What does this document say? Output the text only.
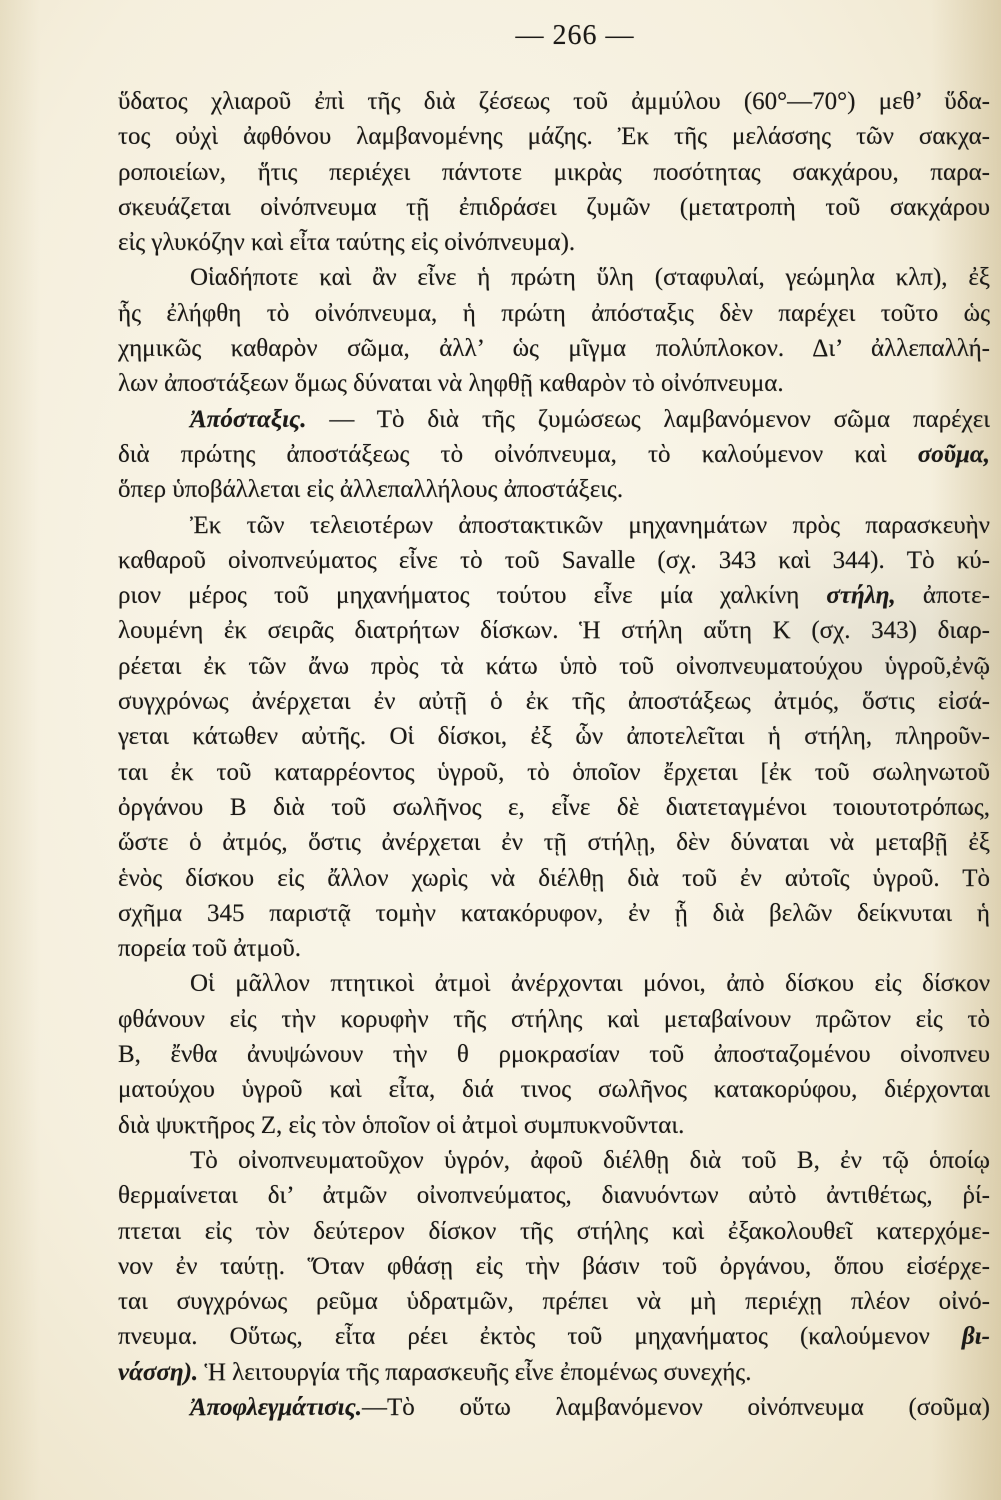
— 266 —
ὕδατος χλιαροῦ ἐπὶ τῆς διὰ ζέσεως τοῦ ἀμμύλου (60°—70°) μεθ’ ὕδα-
τος οὐχὶ ἀφθόνου λαμβανομένης μάζης. Ἐκ τῆς μελάσσης τῶν σακχα-
ροποιείων, ἥτις περιέχει πάντοτε μικρὰς ποσότητας σακχάρου, παρα-
σκευάζεται οἰνόπνευμα τῇ ἐπιδράσει ζυμῶν (μετατροπὴ τοῦ σακχάρου
εἰς γλυκόζην καὶ εἶτα ταύτης εἰς οἰνόπνευμα).
Οἱαδήποτε καὶ ἂν εἶνε ἡ πρώτη ὕλη (σταφυλαί, γεώμηλα κλπ), ἐξ
ἧς ἐλήφθη τὸ οἰνόπνευμα, ἡ πρώτη ἀπόσταξις δὲν παρέχει τοῦτο ὡς
χημικῶς καθαρὸν σῶμα, ἀλλ’ ὡς μῖγμα πολύπλοκον. Δι’ ἀλλεπαλλή-
λων ἀποστάξεων ὅμως δύναται νὰ ληφθῇ καθαρὸν τὸ οἰνόπνευμα.
Ἀπόσταξις. — Τὸ διὰ τῆς ζυμώσεως λαμβανόμενον σῶμα παρέχει
διὰ πρώτης ἀποστάξεως τὸ οἰνόπνευμα, τὸ καλούμενον καὶ σοῦμα,
ὅπερ ὑποβάλλεται εἰς ἀλλεπαλλήλους ἀποστάξεις.
Ἐκ τῶν τελειοτέρων ἀποστακτικῶν μηχανημάτων πρὸς παρασκευὴν
καθαροῦ οἰνοπνεύματος εἶνε τὸ τοῦ Savalle (σχ. 343 καὶ 344). Τὸ κύ-
ριον μέρος τοῦ μηχανήματος τούτου εἶνε μία χαλκίνη στήλη, ἀποτε-
λουμένη ἐκ σειρᾶς διατρήτων δίσκων. Ἡ στήλη αὕτη Κ (σχ. 343) διαρ-
ρέεται ἐκ τῶν ἄνω πρὸς τὰ κάτω ὑπὸ τοῦ οἰνοπνευματούχου ὑγροῦ,ἐνῷ
συγχρόνως ἀνέρχεται ἐν αὐτῇ ὁ ἐκ τῆς ἀποστάξεως ἀτμός, ὅστις εἰσά-
γεται κάτωθεν αὐτῆς. Οἱ δίσκοι, ἐξ ὧν ἀποτελεῖται ἡ στήλη, πληροῦν-
ται ἐκ τοῦ καταρρέοντος ὑγροῦ, τὸ ὁποῖον ἔρχεται [ἐκ τοῦ σωληνωτοῦ
ὀργάνου Β διὰ τοῦ σωλῆνος ε, εἶνε δὲ διατεταγμένοι τοιουτοτρόπως,
ὥστε ὁ ἀτμός, ὅστις ἀνέρχεται ἐν τῇ στήλῃ, δὲν δύναται νὰ μεταβῇ ἐξ
ἑνὸς δίσκου εἰς ἄλλον χωρὶς νὰ διέλθῃ διὰ τοῦ ἐν αὐτοῖς ὑγροῦ. Τὸ
σχῆμα 345 παριστᾷ τομὴν κατακόρυφον, ἐν ᾗ διὰ βελῶν δείκνυται ἡ
πορεία τοῦ ἀτμοῦ.
Οἱ μᾶλλον πτητικοὶ ἀτμοὶ ἀνέρχονται μόνοι, ἀπὸ δίσκου εἰς δίσκον
φθάνουν εἰς τὴν κορυφὴν τῆς στήλης καὶ μεταβαίνουν πρῶτον εἰς τὸ
Β, ἔνθα ἀνυψώνουν τὴν θ ρμοκρασίαν τοῦ ἀποσταζομένου οἰνοπνευ
ματούχου ὑγροῦ καὶ εἶτα, διά τινος σωλῆνος κατακορύφου, διέρχονται
διὰ ψυκτῆρος Ζ, εἰς τὸν ὁποῖον οἱ ἀτμοὶ συμπυκνοῦνται.
Τὸ οἰνοπνευματοῦχον ὑγρόν, ἀφοῦ διέλθῃ διὰ τοῦ Β, ἐν τῷ ὁποίῳ
θερμαίνεται δι’ ἀτμῶν οἰνοπνεύματος, διανυόντων αὐτὸ ἀντιθέτως, ῥί-
πτεται εἰς τὸν δεύτερον δίσκον τῆς στήλης καὶ ἐξακολουθεῖ κατερχόμε-
νον ἐν ταύτῃ. Ὅταν φθάσῃ εἰς τὴν βάσιν τοῦ ὀργάνου, ὅπου εἰσέρχε-
ται συγχρόνως ρεῦμα ὑδρατμῶν, πρέπει νὰ μὴ περιέχῃ πλέον οἰνό-
πνευμα. Οὕτως, εἶτα ρέει ἐκτὸς τοῦ μηχανήματος (καλούμενον βι-
νάσση). Ἡ λειτουργία τῆς παρασκευῆς εἶνε ἐπομένως συνεχής.
Ἀποφλεγμάτισις.—Τὸ οὕτω λαμβανόμενον οἰνόπνευμα (σοῦμα)
